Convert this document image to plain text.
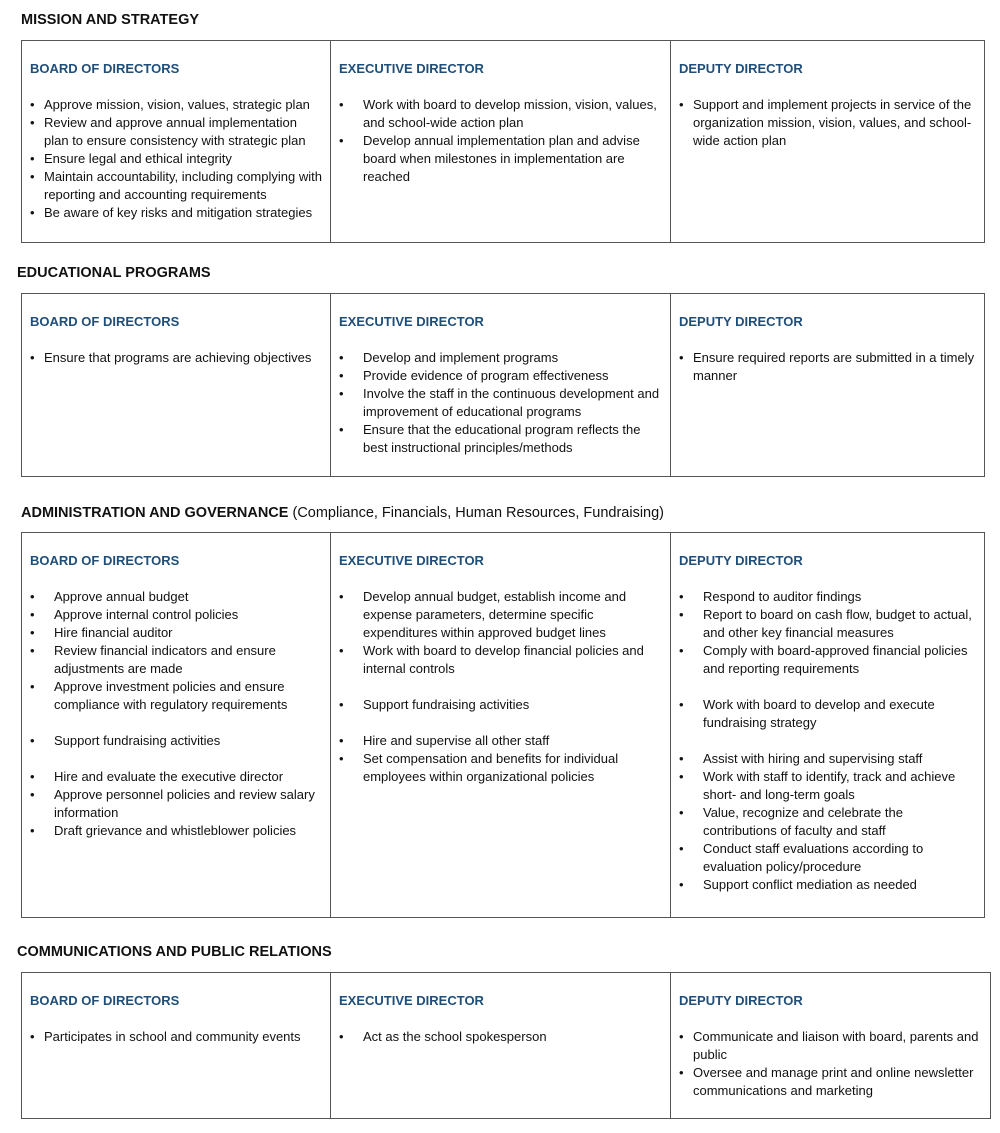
MISSION AND STRATEGY
BOARD OF DIRECTORS
• Approve mission, vision, values, strategic plan
• Review and approve annual implementation plan to ensure consistency with strategic plan
• Ensure legal and ethical integrity
• Maintain accountability, including complying with reporting and accounting requirements
• Be aware of key risks and mitigation strategies
EXECUTIVE DIRECTOR
• Work with board to develop mission, vision, values, and school-wide action plan
• Develop annual implementation plan and advise board when milestones in implementation are reached
DEPUTY DIRECTOR
• Support and implement projects in service of the organization mission, vision, values, and school-wide action plan
EDUCATIONAL PROGRAMS
BOARD OF DIRECTORS
• Ensure that programs are achieving objectives
EXECUTIVE DIRECTOR
• Develop and implement programs
• Provide evidence of program effectiveness
• Involve the staff in the continuous development and improvement of educational programs
• Ensure that the educational program reflects the best instructional principles/methods
DEPUTY DIRECTOR
• Ensure required reports are submitted in a timely manner
ADMINISTRATION AND GOVERNANCE (Compliance, Financials, Human Resources, Fundraising)
BOARD OF DIRECTORS
• Approve annual budget
• Approve internal control policies
• Hire financial auditor
• Review financial indicators and ensure adjustments are made
• Approve investment policies and ensure compliance with regulatory requirements
• Support fundraising activities
• Hire and evaluate the executive director
• Approve personnel policies and review salary information
• Draft grievance and whistleblower policies
EXECUTIVE DIRECTOR
• Develop annual budget, establish income and expense parameters, determine specific expenditures within approved budget lines
• Work with board to develop financial policies and internal controls
• Support fundraising activities
• Hire and supervise all other staff
• Set compensation and benefits for individual employees within organizational policies
DEPUTY DIRECTOR
• Respond to auditor findings
• Report to board on cash flow, budget to actual, and other key financial measures
• Comply with board-approved financial policies and reporting requirements
• Work with board to develop and execute fundraising strategy
• Assist with hiring and supervising staff
• Work with staff to identify, track and achieve short- and long-term goals
• Value, recognize and celebrate the contributions of faculty and staff
• Conduct staff evaluations according to evaluation policy/procedure
• Support conflict mediation as needed
COMMUNICATIONS AND PUBLIC RELATIONS
BOARD OF DIRECTORS
• Participates in school and community events
EXECUTIVE DIRECTOR
• Act as the school spokesperson
DEPUTY DIRECTOR
• Communicate and liaison with board, parents and public
• Oversee and manage print and online newsletter communications and marketing
